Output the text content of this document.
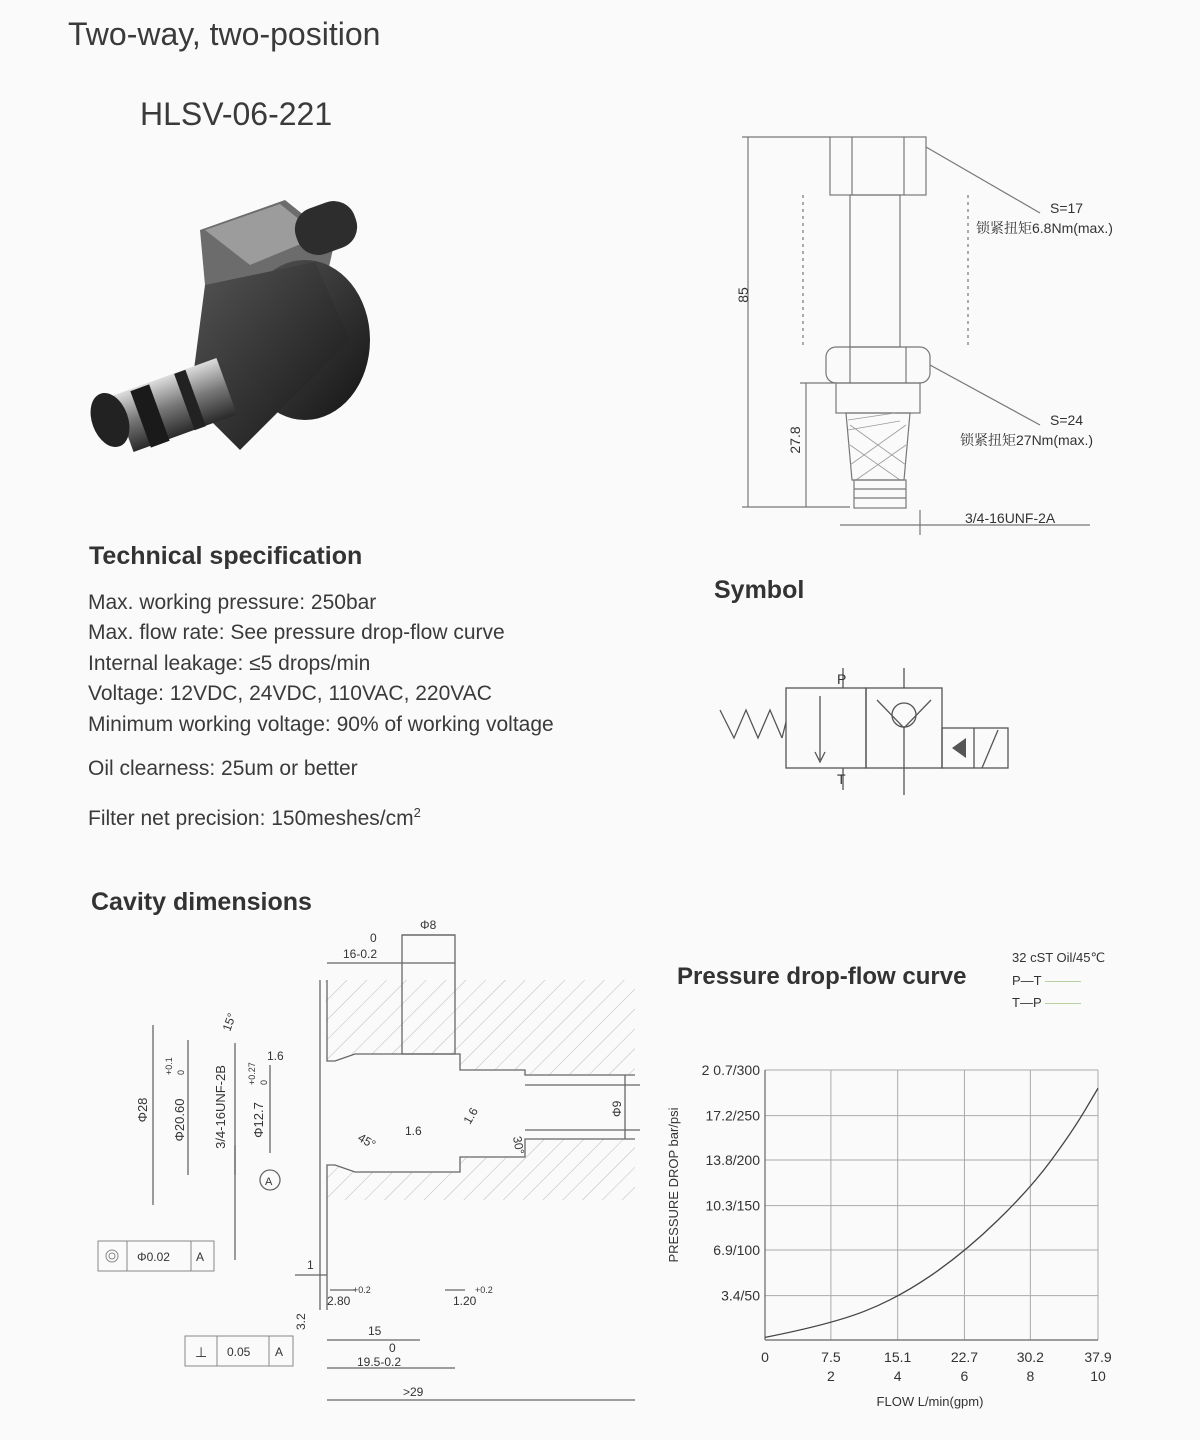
Two-way, two-position
HLSV-06-221
85
27.8
S=17
锁紧扭矩6.8Nm(max.)
S=24
锁紧扭矩27Nm(max.)
3/4-16UNF-2A
Technical specification
Max. working pressure: 250bar
Max. flow rate: See pressure drop-flow curve
Internal leakage: ≤5 drops/min
Voltage: 12VDC, 24VDC, 110VAC, 220VAC
Minimum working voltage: 90% of working voltage
Oil clearness: 25um or better
Filter net precision: $150meshes/cm^2$
Symbol
P
T
Cavity dimensions
0
16-0.2
Φ8
Φ28 Φ20.60
+0.1 0 3/4-16UNF-2B Φ12.7
+0.27 0
15°
1.6
1.6
1.6
45°	30°
Φ9
A
Φ0.02 A
⊥ 0.05 A
1
2.80
+0.2
1.20
+0.2
3.2
15
0
19.5-0.2
>29
Pressure drop-flow curve
32 cST Oil/45℃
P—T
T—P
0	7.5
2
15.1
4
22.7
6
30.2
8
37.9
10
3.4/50
6.9/100
10.3/150
13.8/200
17.2/250
2 0.7/300
PRESSURE DROP bar/psi
FLOW L/min(gpm)
